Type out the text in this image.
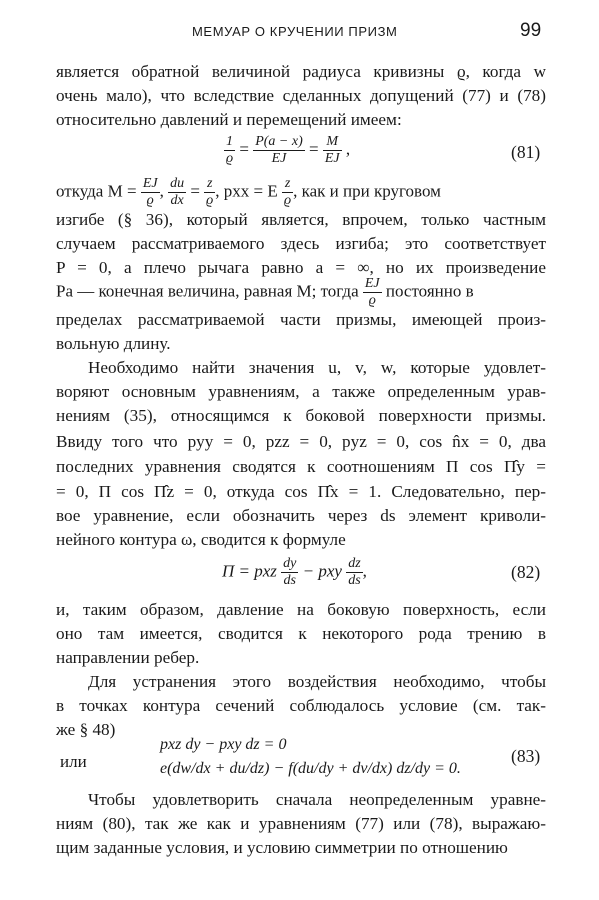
МЕМУАР О КРУЧЕНИИ ПРИЗМ	99
является обратной величиной радиуса кривизны ϱ, когда w
очень мало), что вследствие сделанных допущений (77) и (78)
относительно давлений и перемещений имеем:
$\frac{1}{ϱ} = \frac{P(a - x)}{EJ} = \frac{M}{EJ}$ ,	(81)
откуда $M = \frac{EJ}{ϱ}$ , $\frac{du}{dx} = \frac{z}{ϱ}$ , pxx = E $\frac{z}{ϱ}$ , как и при круговом
изгибе (§ 36), который является, впрочем, только частным
случаем рассматриваемого здесь изгиба; это соответствует
P = 0, а плечо рычага равно a = ∞, но их произведение
Pa — конечная величина, равная M; тогда $\frac{EJ}{ϱ}$ постоянно в
пределах рассматриваемой части призмы, имеющей произ-
вольную длину.
Необходимо найти значения u, v, w, которые удовлет-
воряют основным уравнениям, а также определенным урав-
нениям (35), относящимся к боковой поверхности призмы.
Ввиду того что pyy = 0, pzz = 0, pyz = 0, cos n̂x = 0, два
последних уравнения сводятся к соотношениям Π cos Π̂y =
= 0, Π cos Π̂z = 0, откуда cos Π̂x = 1. Следовательно, пер-
вое уравнение, если обозначить через ds элемент криволи-
нейного контура ω, сводится к формуле
Π = pxz $\frac{dy}{ds}$ − pxy $\frac{dz}{ds}$ ,	(82)
и, таким образом, давление на боковую поверхность, если
оно там имеется, сводится к некоторого рода трению в
направлении ребер.
Для устранения этого воздействия необходимо, чтобы
в точках контура сечений соблюдалось условие (см. так-
же § 48)
pxz dy − pxy dz = 0
или	e(dw/dx + du/dz) − f(du/dy + dv/dx) dz/dy = 0.
(83)
Чтобы удовлетворить сначала неопределенным уравне-
ниям (80), так же как и уравнениям (77) или (78), выражаю-
щим заданные условия, и условию симметрии по отношению
